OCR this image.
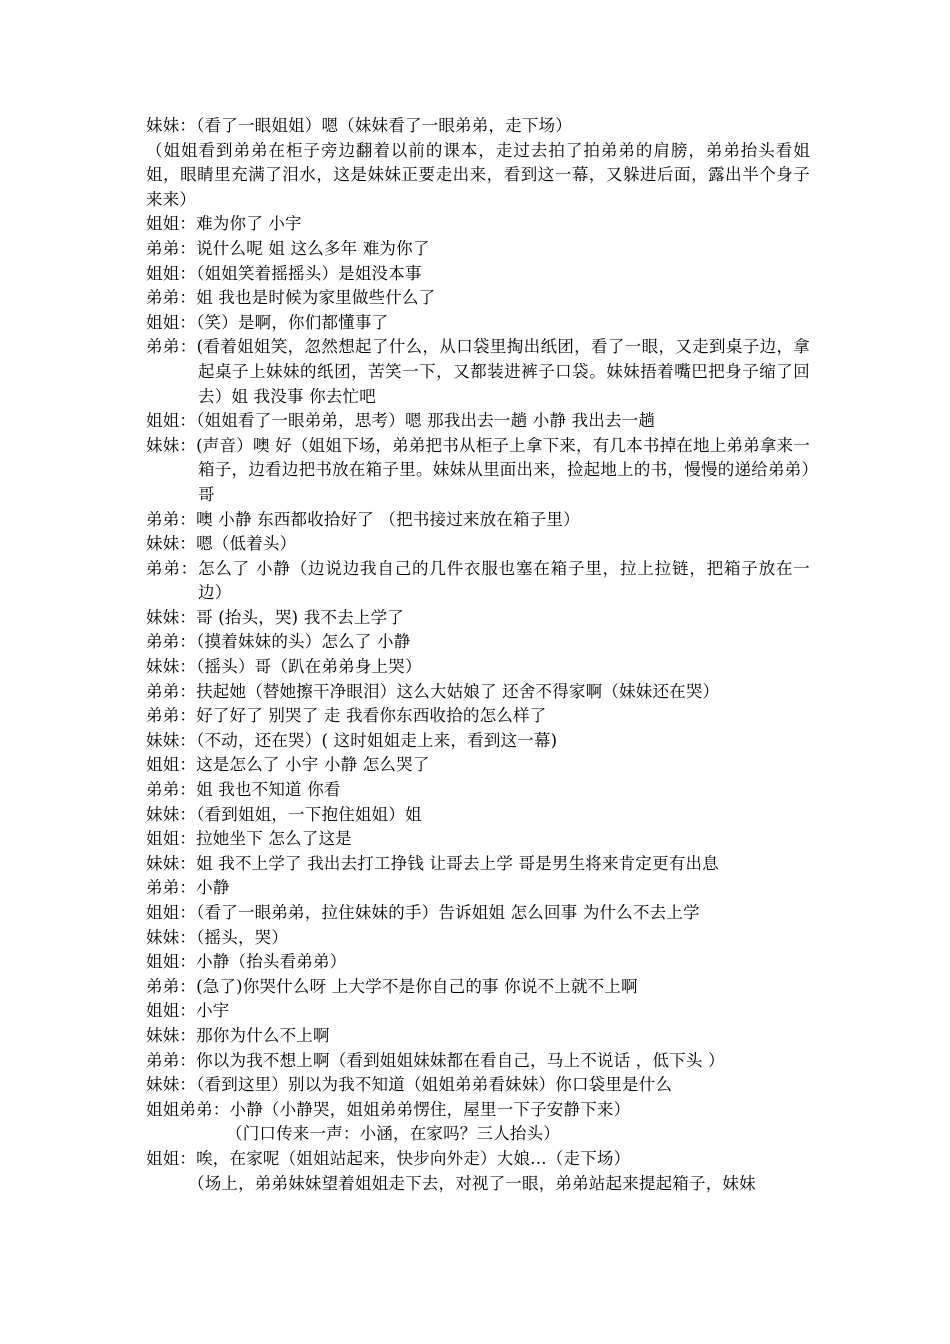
妹妹：（看了一眼姐姐）嗯（妹妹看了一眼弟弟，走下场）
（姐姐看到弟弟在柜子旁边翻着以前的课本，走过去拍了拍弟弟的肩膀，弟弟抬头看姐姐，眼睛里充满了泪水，这是妹妹正要走出来，看到这一幕，又躲进后面，露出半个身子来来）
姐姐：难为你了 小宇
弟弟：说什么呢 姐 这么多年 难为你了
姐姐：（姐姐笑着摇摇头）是姐没本事
弟弟：姐 我也是时候为家里做些什么了
姐姐：（笑）是啊，你们都懂事了
弟弟：(看着姐姐笑，忽然想起了什么，从口袋里掏出纸团，看了一眼，又走到桌子边，拿起桌子上妹妹的纸团，苦笑一下，又都装进裤子口袋。妹妹捂着嘴巴把身子缩了回去）姐 我没事 你去忙吧
姐姐：（姐姐看了一眼弟弟，思考）嗯 那我出去一趟 小静 我出去一趟
妹妹：(声音）噢 好（姐姐下场，弟弟把书从柜子上拿下来，有几本书掉在地上弟弟拿来一箱子，边看边把书放在箱子里。妹妹从里面出来，捡起地上的书，慢慢的递给弟弟）哥
弟弟：噢 小静 东西都收拾好了 （把书接过来放在箱子里）
妹妹：嗯（低着头）
弟弟：怎么了 小静（边说边我自己的几件衣服也塞在箱子里，拉上拉链，把箱子放在一边）
妹妹：哥 (抬头，哭) 我不去上学了
弟弟：（摸着妹妹的头）怎么了 小静
妹妹：（摇头）哥（趴在弟弟身上哭）
弟弟：扶起她（替她擦干净眼泪）这么大姑娘了 还舍不得家啊（妹妹还在哭）
弟弟：好了好了 别哭了 走 我看你东西收拾的怎么样了
妹妹：（不动，还在哭）( 这时姐姐走上来，看到这一幕)
姐姐：这是怎么了 小宇 小静 怎么哭了
弟弟：姐 我也不知道 你看
妹妹：（看到姐姐，一下抱住姐姐）姐
姐姐：拉她坐下 怎么了这是
妹妹：姐 我不上学了 我出去打工挣钱 让哥去上学 哥是男生将来肯定更有出息
弟弟：小静
姐姐：（看了一眼弟弟，拉住妹妹的手）告诉姐姐 怎么回事 为什么不去上学
妹妹：（摇头，哭）
姐姐：小静（抬头看弟弟）
弟弟：(急了)你哭什么呀 上大学不是你自己的事 你说不上就不上啊
姐姐：小宇
妹妹：那你为什么不上啊
弟弟：你以为我不想上啊（看到姐姐妹妹都在看自己，马上不说话 ，低下头 ）
妹妹：（看到这里）别以为我不知道（姐姐弟弟看妹妹）你口袋里是什么
姐姐弟弟：小静（小静哭，姐姐弟弟愣住，屋里一下子安静下来）
（门口传来一声：小涵，在家吗？三人抬头）
姐姐：唉，在家呢（姐姐站起来，快步向外走）大娘…（走下场）
（场上，弟弟妹妹望着姐姐走下去，对视了一眼，弟弟站起来提起箱子，妹妹
